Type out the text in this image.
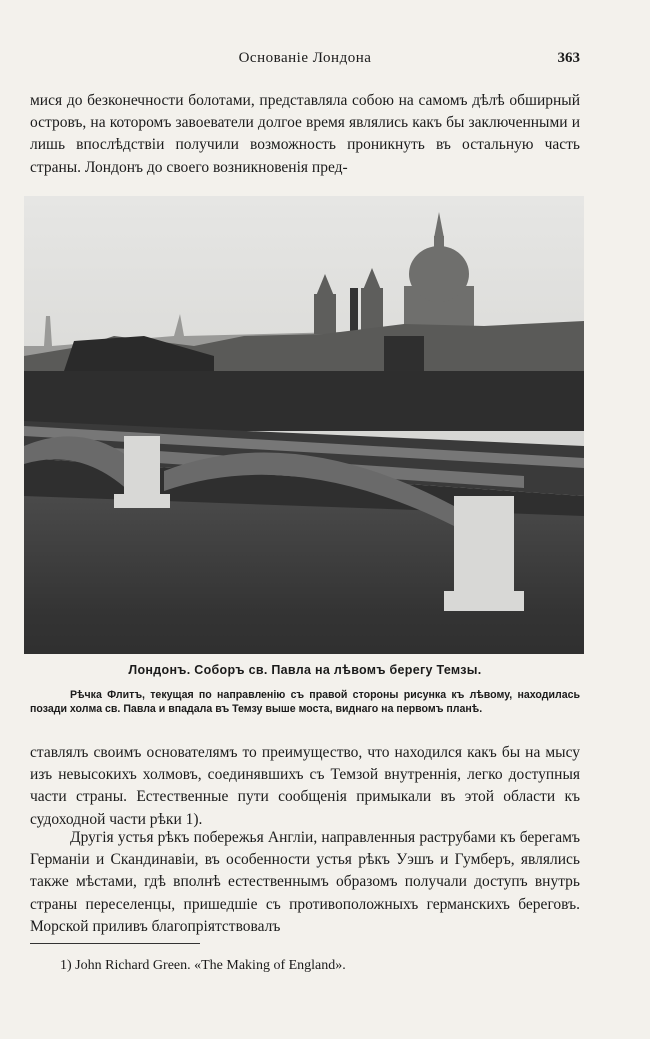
Основанiе Лондона	363

мися до безконечности болотами, представляла собою на самомъ дѣлѣ обширный островъ, на которомъ завоеватели долгое время являлись какъ бы заключенными и лишь впослѣдствiи получили возможность проникнуть въ остальную часть страны. Лондонъ до своего возникновенiя пред-

Лондонъ. Соборъ св. Павла на лѣвомъ берегу Темзы.

Рѣчка Флитъ, текущая по направленiю съ правой стороны рисунка къ лѣвому, находилась позади холма св. Павла и впадала въ Темзу выше моста, виднаго на первомъ планѣ.

ставлялъ своимъ основателямъ то преимущество, что находился какъ бы на мысу изъ невысокихъ холмовъ, соединявшихъ съ Темзой внутреннiя, легко доступныя части страны. Естественные пути сообщенiя примыкали въ этой области къ судоходной части рѣки 1).

Другiя устья рѣкъ побережья Англiи, направленныя раструбами къ берегамъ Германiи и Скандинавiи, въ особенности устья рѣкъ Уэшъ и Гумберъ, являлись также мѣстами, гдѣ вполнѣ естественнымъ образомъ получали доступъ внутрь страны переселенцы, пришедшiе съ противоположныхъ германскихъ береговъ. Морской приливъ благопрiятствовалъ

1) John Richard Green. «The Making of England».
